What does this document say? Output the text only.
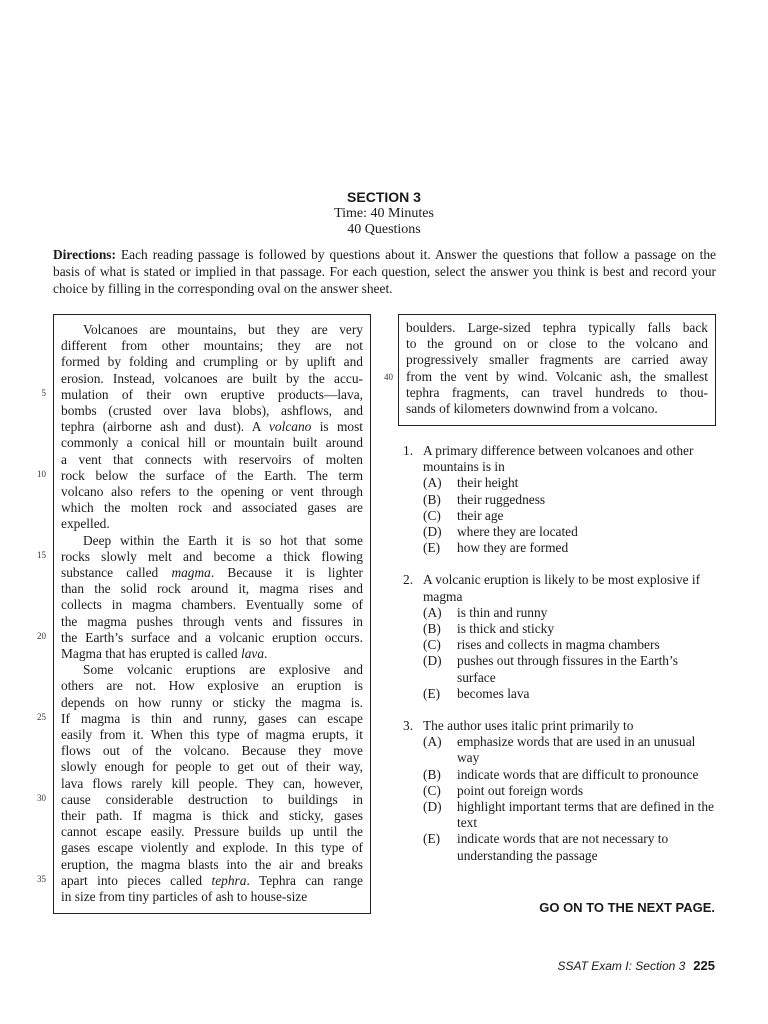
SECTION 3
Time: 40 Minutes
40 Questions
Directions: Each reading passage is followed by questions about it. Answer the questions that follow a passage on the basis of what is stated or implied in that passage. For each question, select the answer you think is best and record your choice by filling in the corresponding oval on the answer sheet.
Volcanoes are mountains, but they are very
different from other mountains; they are not
formed by folding and crumpling or by uplift and
erosion. Instead, volcanoes are built by the accu-
mulation of their own eruptive products—lava,
bombs (crusted over lava blobs), ashflows, and
tephra (airborne ash and dust). A volcano is most
commonly a conical hill or mountain built around
a vent that connects with reservoirs of molten
rock below the surface of the Earth. The term
volcano also refers to the opening or vent through
which the molten rock and associated gases are
expelled.
Deep within the Earth it is so hot that some
rocks slowly melt and become a thick flowing
substance called magma. Because it is lighter
than the solid rock around it, magma rises and
collects in magma chambers. Eventually some of
the magma pushes through vents and fissures in
the Earth’s surface and a volcanic eruption occurs.
Magma that has erupted is called lava.
Some volcanic eruptions are explosive and
others are not. How explosive an eruption is
depends on how runny or sticky the magma is.
If magma is thin and runny, gases can escape
easily from it. When this type of magma erupts, it
flows out of the volcano. Because they move
slowly enough for people to get out of their way,
lava flows rarely kill people. They can, however,
cause considerable destruction to buildings in
their path. If magma is thick and sticky, gases
cannot escape easily. Pressure builds up until the
gases escape violently and explode. In this type of
eruption, the magma blasts into the air and breaks
apart into pieces called tephra. Tephra can range
in size from tiny particles of ash to house-size
boulders. Large-sized tephra typically falls back
to the ground on or close to the volcano and
progressively smaller fragments are carried away
from the vent by wind. Volcanic ash, the smallest
tephra fragments, can travel hundreds to thou-
sands of kilometers downwind from a volcano.
5
10
15
20
25
30
35
40
1. A primary difference between volcanoes and other mountains is in
(A)	their height
(B)	their ruggedness
(C)	their age
(D)	where they are located
(E)	how they are formed
2. A volcanic eruption is likely to be most explosive if magma
(A)	is thin and runny
(B)	is thick and sticky
(C)	rises and collects in magma chambers
(D)	pushes out through fissures in the Earth’s surface
(E)	becomes lava
3. The author uses italic print primarily to
(A)	emphasize words that are used in an unusual way
(B)	indicate words that are difficult to pronounce
(C)	point out foreign words
(D)	highlight important terms that are defined in the text
(E)	indicate words that are not necessary to understanding the passage
GO ON TO THE NEXT PAGE.
SSAT Exam I: Section 3 225
